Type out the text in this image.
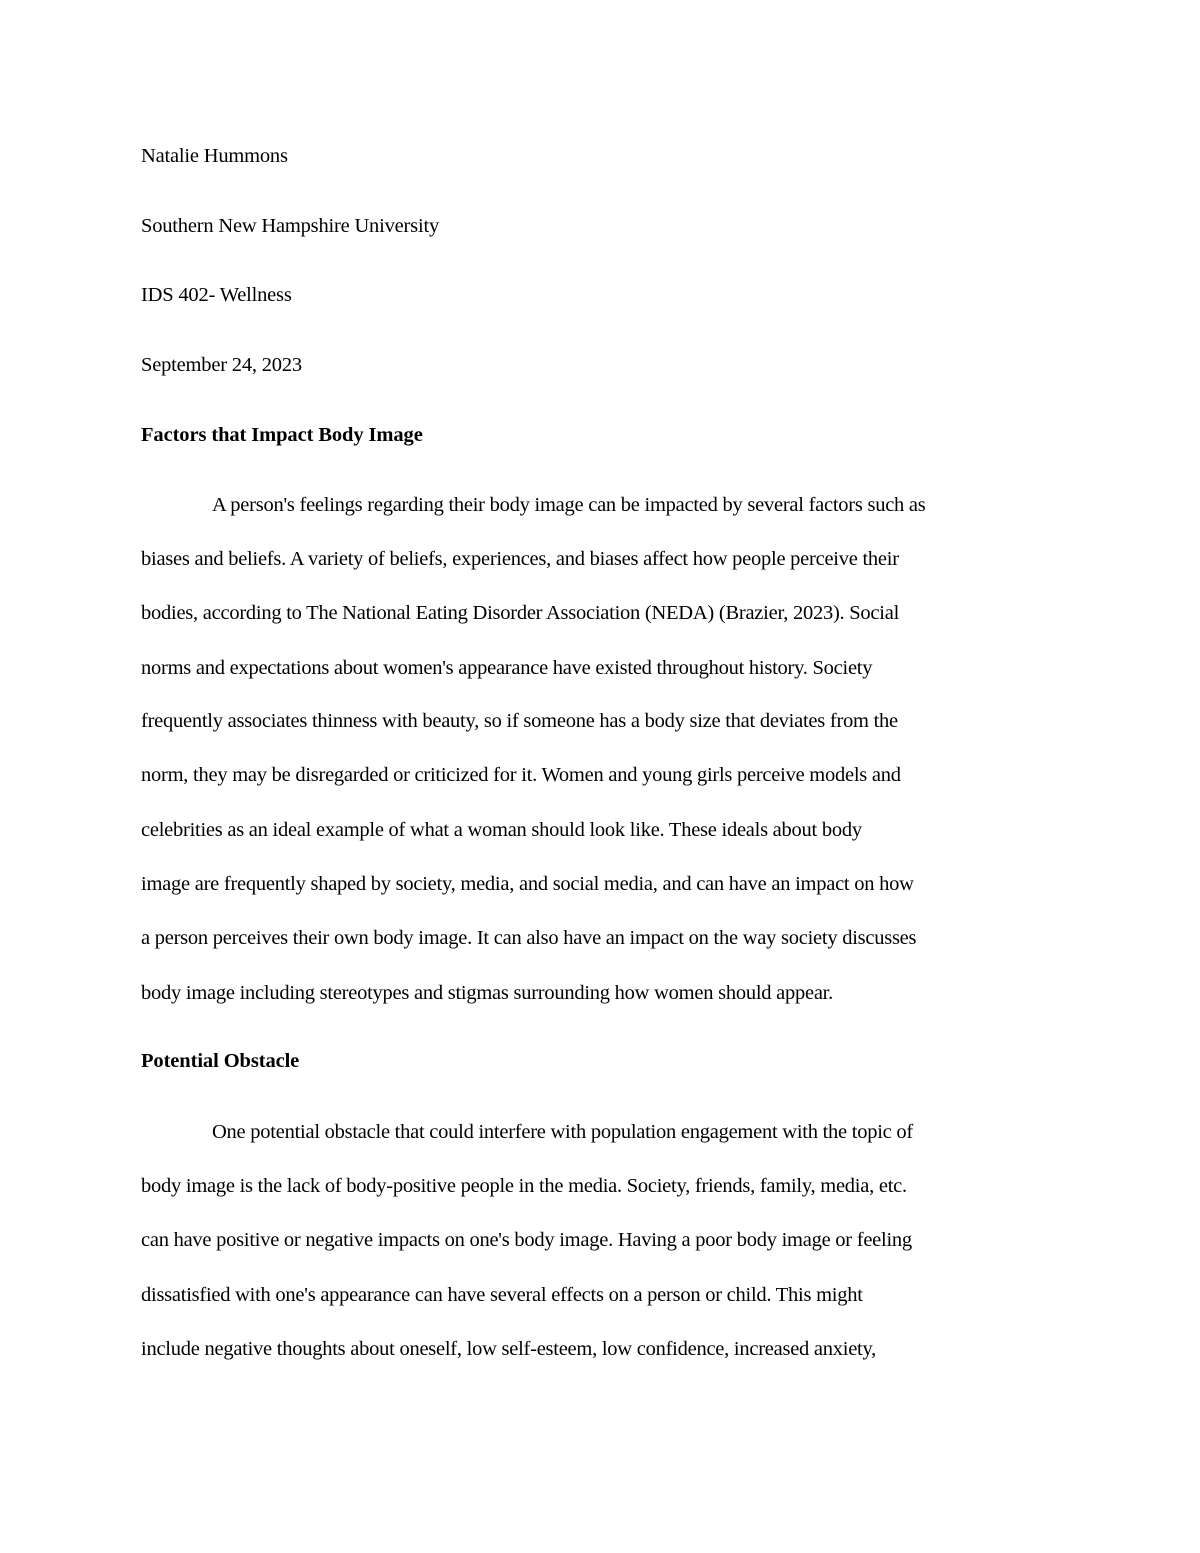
Natalie Hummons
Southern New Hampshire University
IDS 402- Wellness
September 24, 2023
Factors that Impact Body Image
A person's feelings regarding their body image can be impacted by several factors such as
biases and beliefs. A variety of beliefs, experiences, and biases affect how people perceive their
bodies, according to The National Eating Disorder Association (NEDA) (Brazier, 2023). Social
norms and expectations about women's appearance have existed throughout history. Society
frequently associates thinness with beauty, so if someone has a body size that deviates from the
norm, they may be disregarded or criticized for it. Women and young girls perceive models and
celebrities as an ideal example of what a woman should look like. These ideals about body
image are frequently shaped by society, media, and social media, and can have an impact on how
a person perceives their own body image. It can also have an impact on the way society discusses
body image including stereotypes and stigmas surrounding how women should appear.
Potential Obstacle
One potential obstacle that could interfere with population engagement with the topic of
body image is the lack of body-positive people in the media. Society, friends, family, media, etc.
can have positive or negative impacts on one's body image. Having a poor body image or feeling
dissatisfied with one's appearance can have several effects on a person or child. This might
include negative thoughts about oneself, low self-esteem, low confidence, increased anxiety,
